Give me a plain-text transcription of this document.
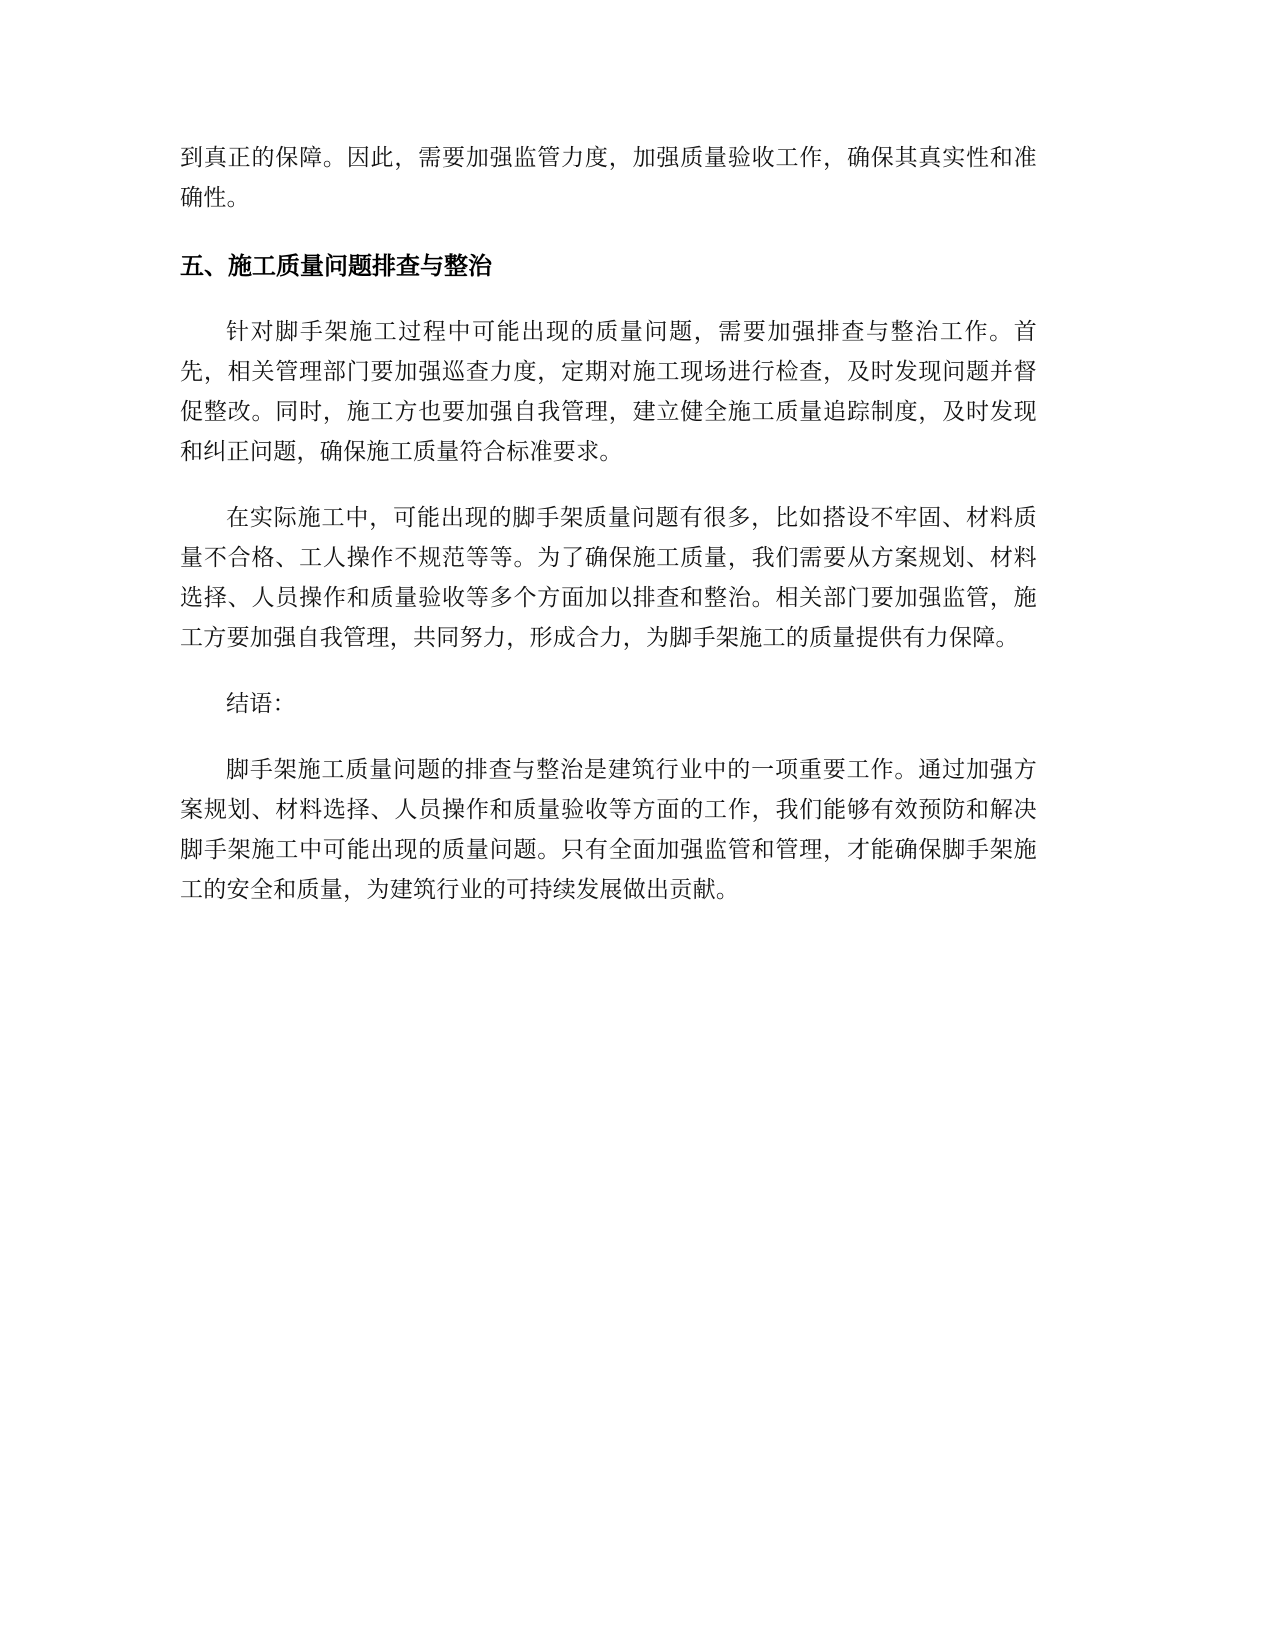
到真正的保障。因此，需要加强监管力度，加强质量验收工作，确保其真实性和准确性。

五、施工质量问题排查与整治

针对脚手架施工过程中可能出现的质量问题，需要加强排查与整治工作。首先，相关管理部门要加强巡查力度，定期对施工现场进行检查，及时发现问题并督促整改。同时，施工方也要加强自我管理，建立健全施工质量追踪制度，及时发现和纠正问题，确保施工质量符合标准要求。

在实际施工中，可能出现的脚手架质量问题有很多，比如搭设不牢固、材料质量不合格、工人操作不规范等等。为了确保施工质量，我们需要从方案规划、材料选择、人员操作和质量验收等多个方面加以排查和整治。相关部门要加强监管，施工方要加强自我管理，共同努力，形成合力，为脚手架施工的质量提供有力保障。

结语：

脚手架施工质量问题的排查与整治是建筑行业中的一项重要工作。通过加强方案规划、材料选择、人员操作和质量验收等方面的工作，我们能够有效预防和解决脚手架施工中可能出现的质量问题。只有全面加强监管和管理，才能确保脚手架施工的安全和质量，为建筑行业的可持续发展做出贡献。
